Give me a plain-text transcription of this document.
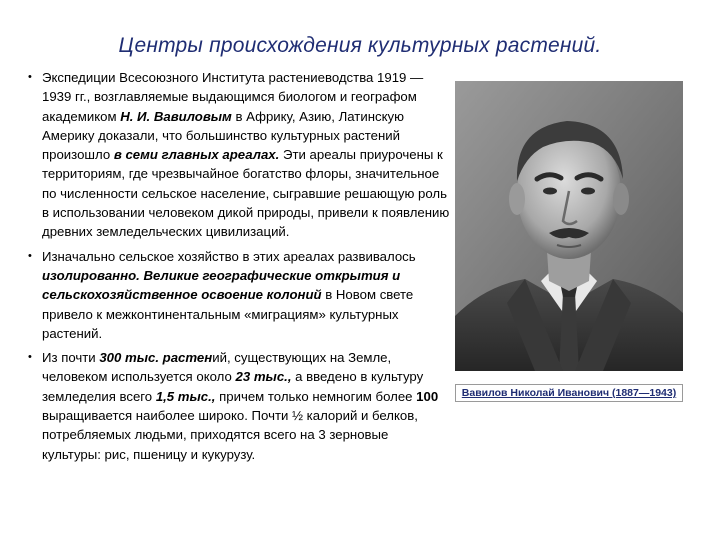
Центры происхождения культурных растений.
• Экспедиции Всесоюзного Института растениеводства 1919 —1939 гг., возглавляемые выдающимся биологом и географом академиком Н. И. Вавиловым в Африку, Азию, Латинскую Америку доказали, что большинство культурных растений произошло в семи главных ареалах. Эти ареалы приурочены к территориям, где чрезвычайное богатство флоры, значительное по численности сельское население, сыгравшие решающую роль в использовании человеком дикой природы, привели к появлению древних земледельческих цивилизаций.
• Изначально сельское хозяйство в этих ареалах развивалось изолированно. Великие географические открытия и сельскохозяйственное освоение колоний в Новом свете привело к межконтинентальным «миграциям» культурных растений.
• Из почти 300 тыс. растений, существующих на Земле, человеком используется около 23 тыс., а введено в культуру земледелия всего 1,5 тыс., причем только немногим более 100 выращивается наиболее широко. Почти ½ калорий и белков, потребляемых людьми, приходятся всего на 3 зерновые культуры: рис, пшеницу и кукурузу.
Вавилов Николай Иванович (1887—1943)
